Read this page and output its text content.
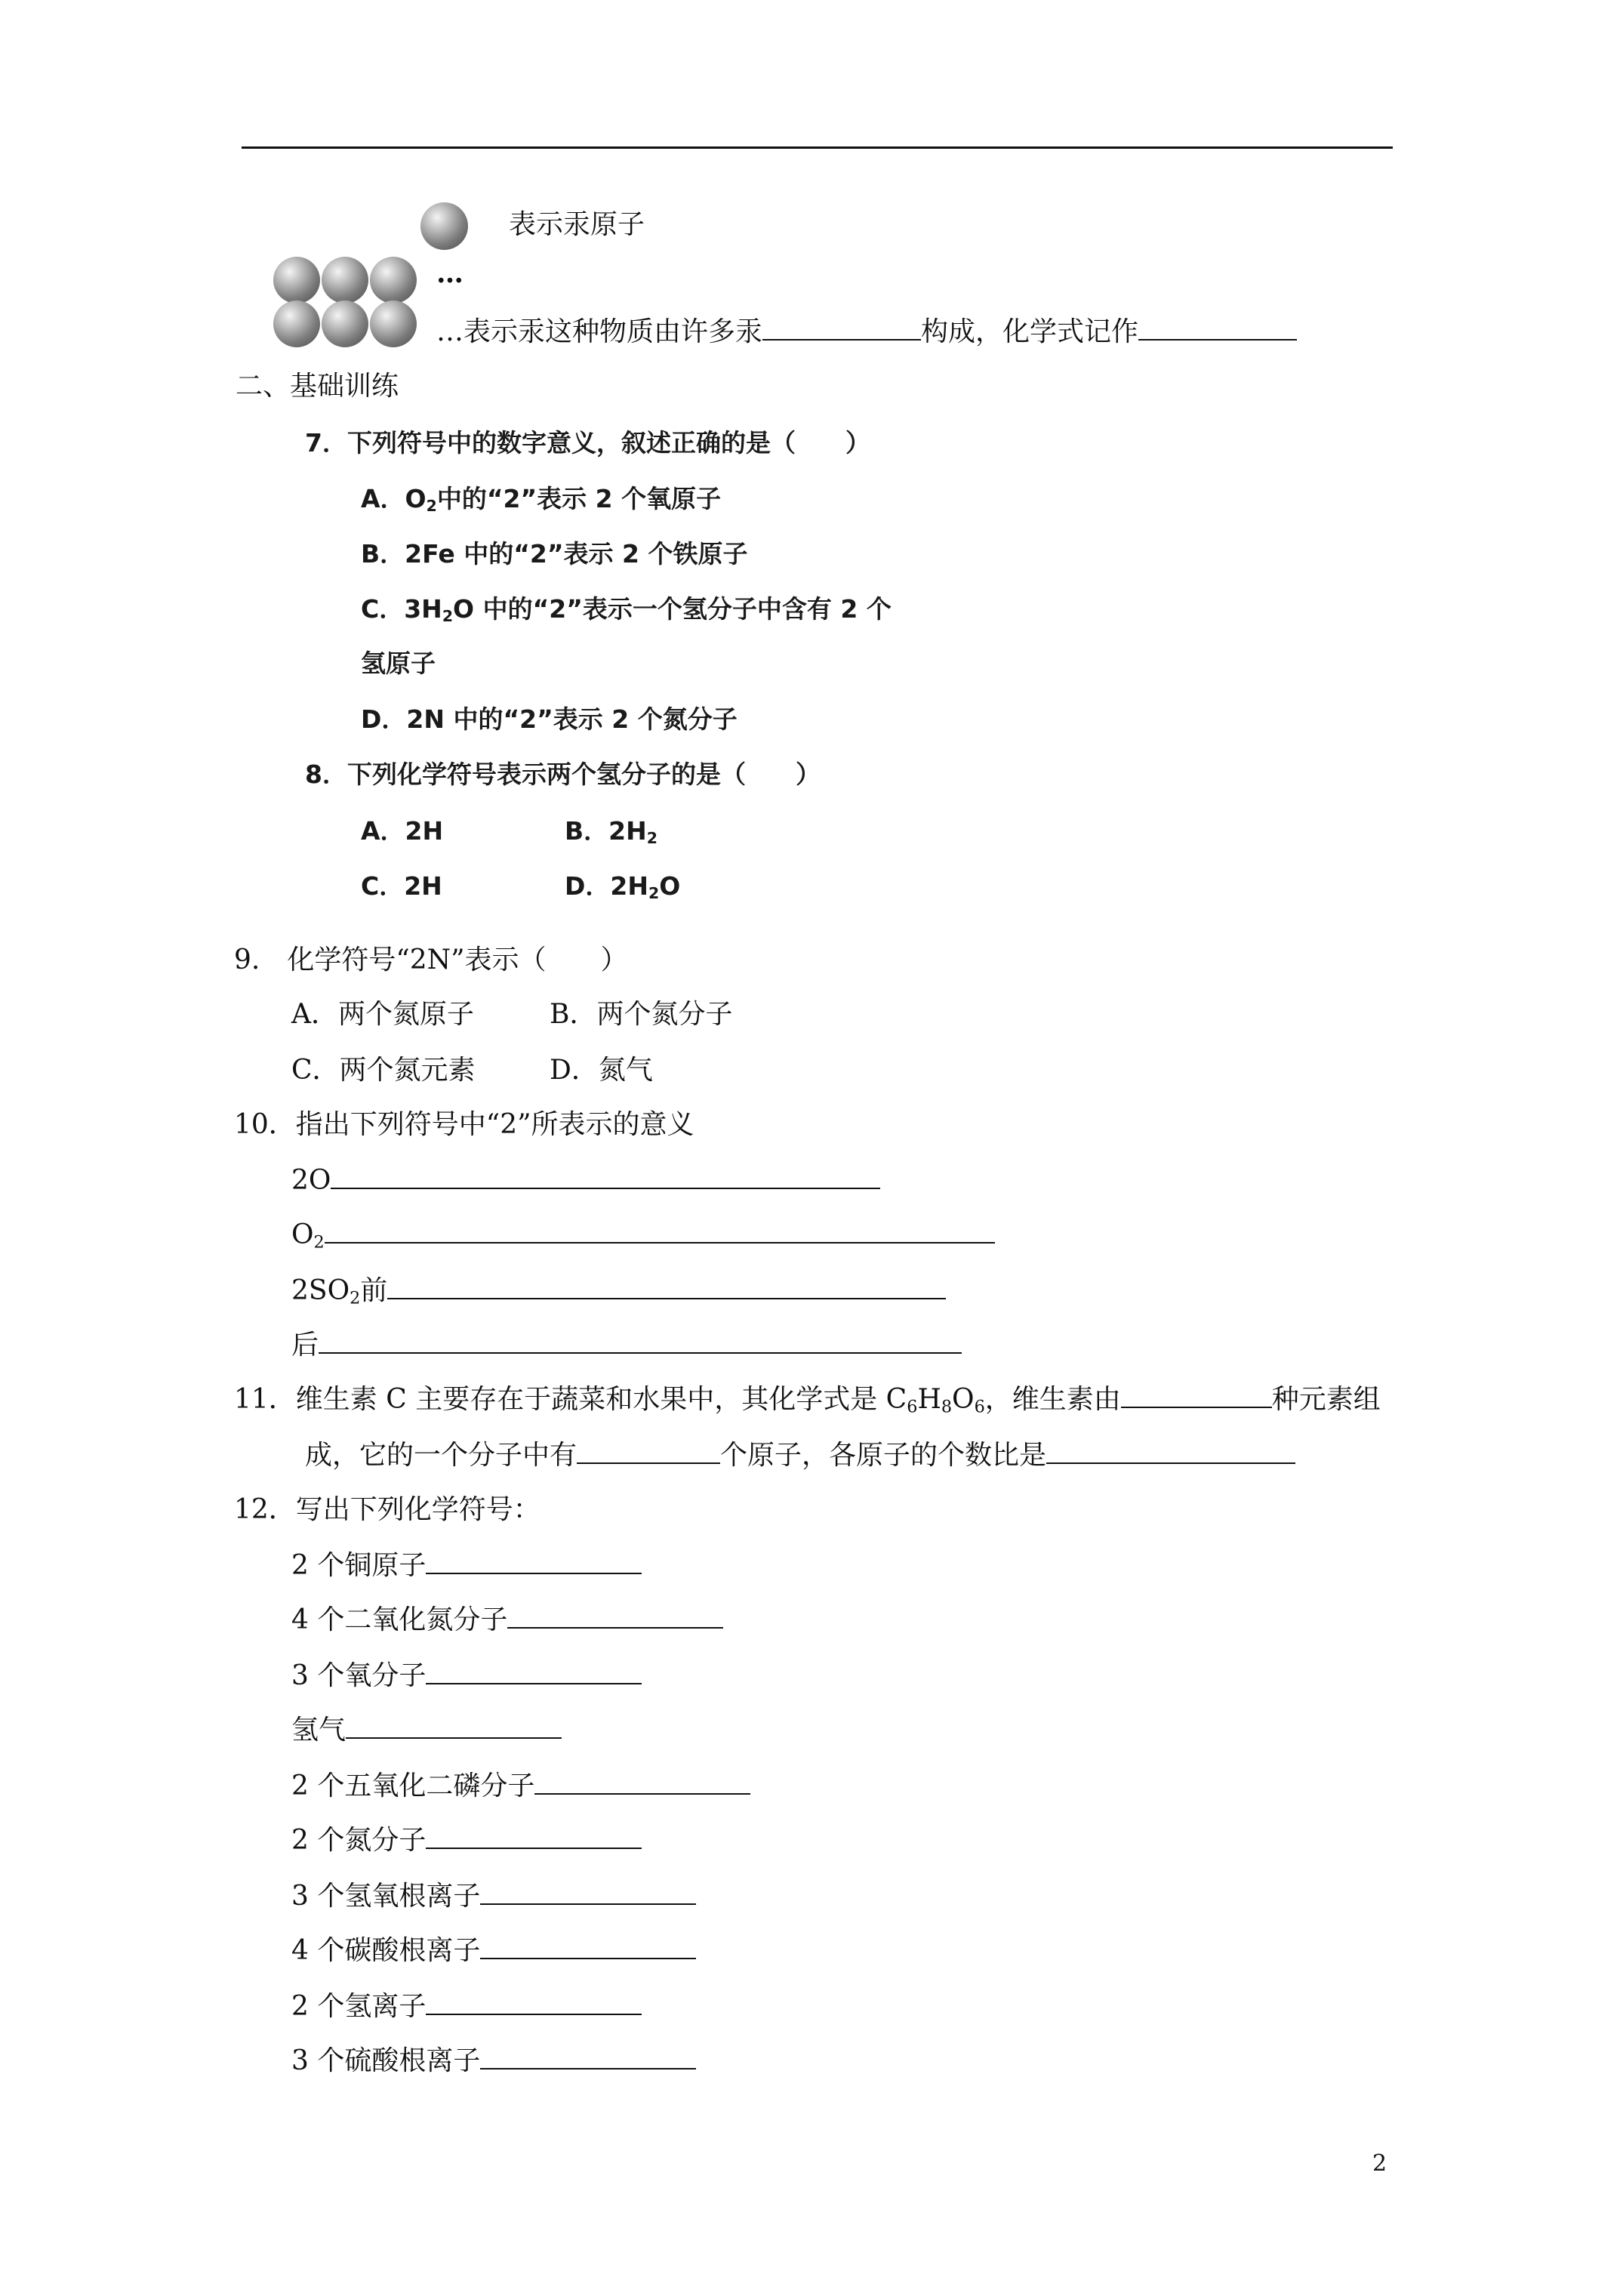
表示汞原子
…
…表示汞这种物质由许多汞	构成，化学式记作
二、基础训练
7．下列符号中的数字意义，叙述正确的是（　　）
A．$O_2$中的“2”表示 2 个氧原子
B．2Fe 中的“2”表示 2 个铁原子
C．$3H_2O$ 中的“2”表示一个氢分子中含有 2 个
氢原子
D．2N 中的“2”表示 2 个氮分子
8．下列化学符号表示两个氢分子的是（　　）
A．2H	B．$2H_2$
C．2H	D．$2H_2O$
9.　化学符号“2N”表示（　　）
A．两个氮原子	B．两个氮分子
C．两个氮元素	D．氮气
10．指出下列符号中“2”所表示的意义
2O
$O_2$
$2SO_2$前
后
11．维生素 C 主要存在于蔬菜和水果中，其化学式是 $C_6H_8O_6$，维生素由	种元素组
成，它的一个分子中有	个原子，各原子的个数比是
12．写出下列化学符号：
2 个铜原子
4 个二氧化氮分子
3 个氧分子
氢气
2 个五氧化二磷分子
2 个氮分子
3 个氢氧根离子
4 个碳酸根离子
2 个氢离子
3 个硫酸根离子
2
